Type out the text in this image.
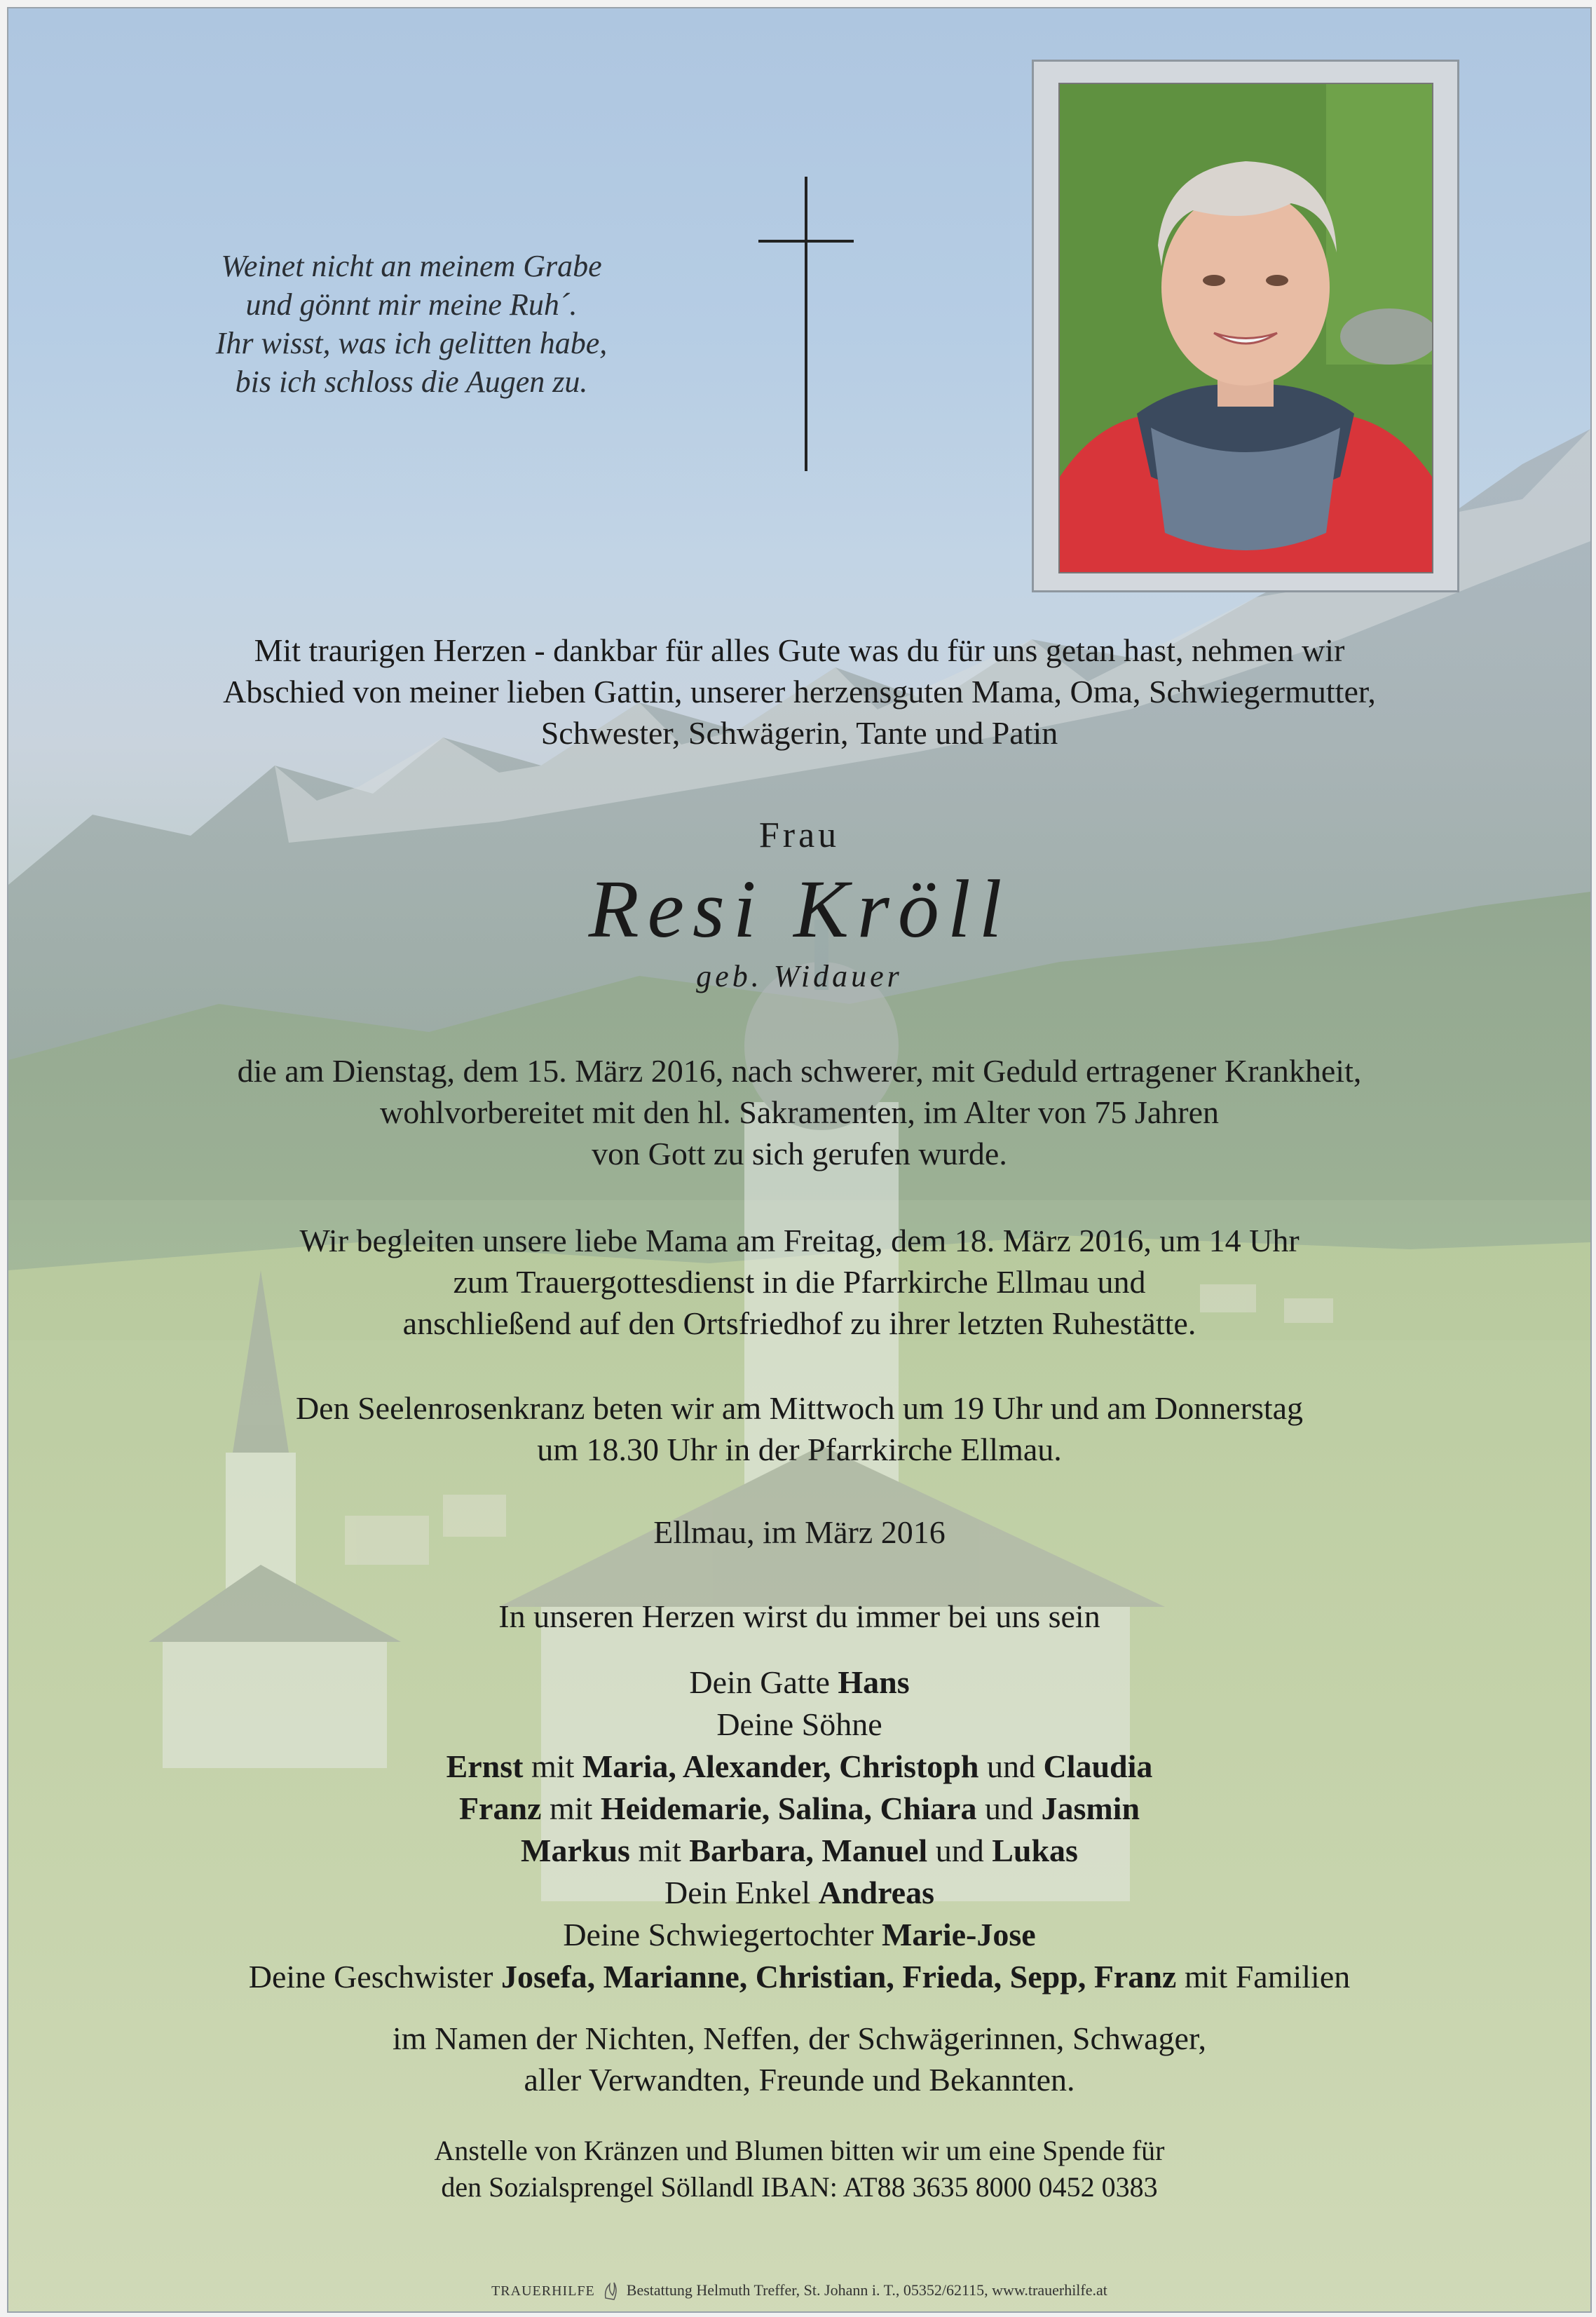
Weinet nicht an meinem Grabe
und gönnt mir meine Ruh´.
Ihr wisst, was ich gelitten habe,
bis ich schloss die Augen zu.
Mit traurigen Herzen - dankbar für alles Gute was du für uns getan hast, nehmen wir
Abschied von meiner lieben Gattin, unserer herzensguten Mama, Oma, Schwiegermutter,
Schwester, Schwägerin, Tante und Patin
Frau
Resi Kröll
geb. Widauer
die am Dienstag, dem 15. März 2016, nach schwerer, mit Geduld ertragener Krankheit,
wohlvorbereitet mit den hl. Sakramenten, im Alter von 75 Jahren
von Gott zu sich gerufen wurde.
Wir begleiten unsere liebe Mama am Freitag, dem 18. März 2016, um 14 Uhr
zum Trauergottesdienst in die Pfarrkirche Ellmau und
anschließend auf den Ortsfriedhof zu ihrer letzten Ruhestätte.
Den Seelenrosenkranz beten wir am Mittwoch um 19 Uhr und am Donnerstag
um 18.30 Uhr in der Pfarrkirche Ellmau.
Ellmau, im März 2016
In unseren Herzen wirst du immer bei uns sein
Dein Gatte Hans
Deine Söhne
Ernst mit Maria, Alexander, Christoph und Claudia
Franz mit Heidemarie, Salina, Chiara und Jasmin
Markus mit Barbara, Manuel und Lukas
Dein Enkel Andreas
Deine Schwiegertochter Marie-Jose
Deine Geschwister Josefa, Marianne, Christian, Frieda, Sepp, Franz mit Familien
im Namen der Nichten, Neffen, der Schwägerinnen, Schwager,
aller Verwandten, Freunde und Bekannten.
Anstelle von Kränzen und Blumen bitten wir um eine Spende für
den Sozialsprengel Söllandl IBAN: AT88 3635 8000 0452 0383
TRAUERHILFE Bestattung Helmuth Treffer, St. Johann i. T., 05352/62115, www.trauerhilfe.at
